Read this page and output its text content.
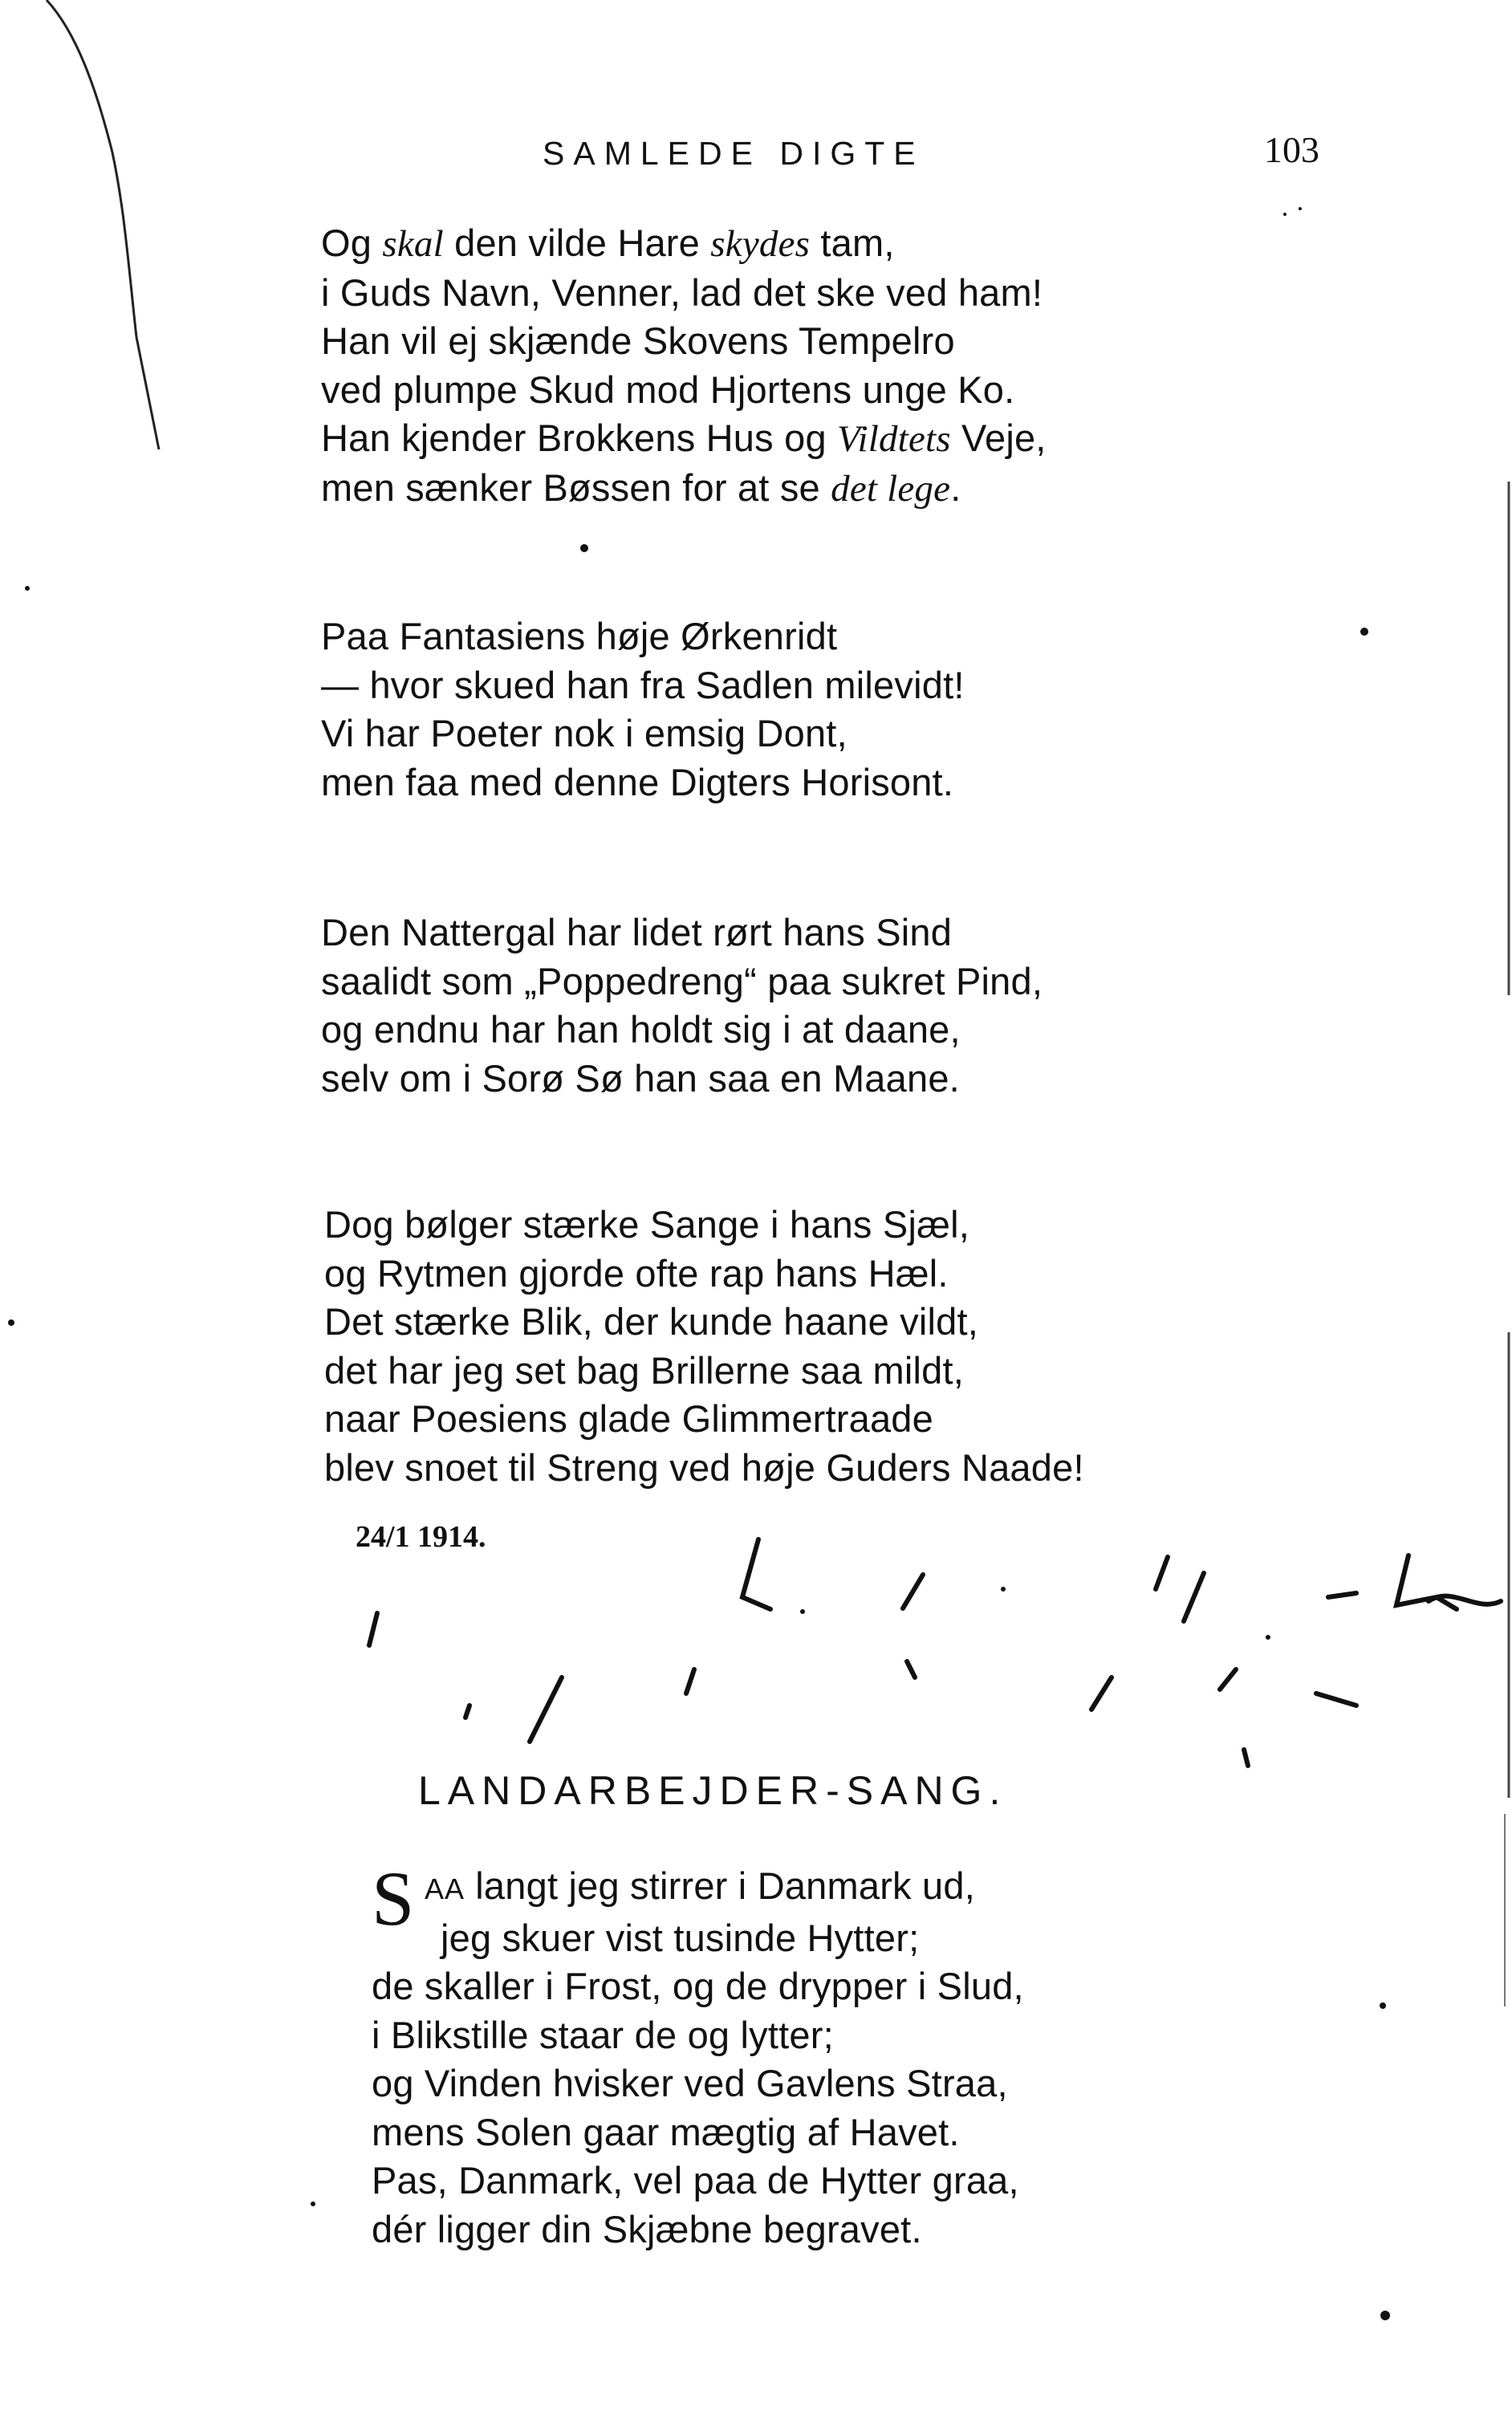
SAMLEDE DIGTE	103
Og skal den vilde Hare skydes tam,
i Guds Navn, Venner, lad det ske ved ham!
Han vil ej skjænde Skovens Tempelro
ved plumpe Skud mod Hjortens unge Ko.
Han kjender Brokkens Hus og Vildtets Veje,
men sænker Bøssen for at se det lege.
Paa Fantasiens høje Ørkenridt
— hvor skued han fra Sadlen milevidt!
Vi har Poeter nok i emsig Dont,
men faa med denne Digters Horisont.
Den Nattergal har lidet rørt hans Sind
saalidt som „Poppedreng“ paa sukret Pind,
og endnu har han holdt sig i at daane,
selv om i Sorø Sø han saa en Maane.
Dog bølger stærke Sange i hans Sjæl,
og Rytmen gjorde ofte rap hans Hæl.
Det stærke Blik, der kunde haane vildt,
det har jeg set bag Brillerne saa mildt,
naar Poesiens glade Glimmertraade
blev snoet til Streng ved høje Guders Naade!
24/1 1914.
LANDARBEJDER-SANG.
S AA langt jeg stirrer i Danmark ud,
jeg skuer vist tusinde Hytter;
de skaller i Frost, og de drypper i Slud,
i Blikstille staar de og lytter;
og Vinden hvisker ved Gavlens Straa,
mens Solen gaar mægtig af Havet.
Pas, Danmark, vel paa de Hytter graa,
dér ligger din Skjæbne begravet.
